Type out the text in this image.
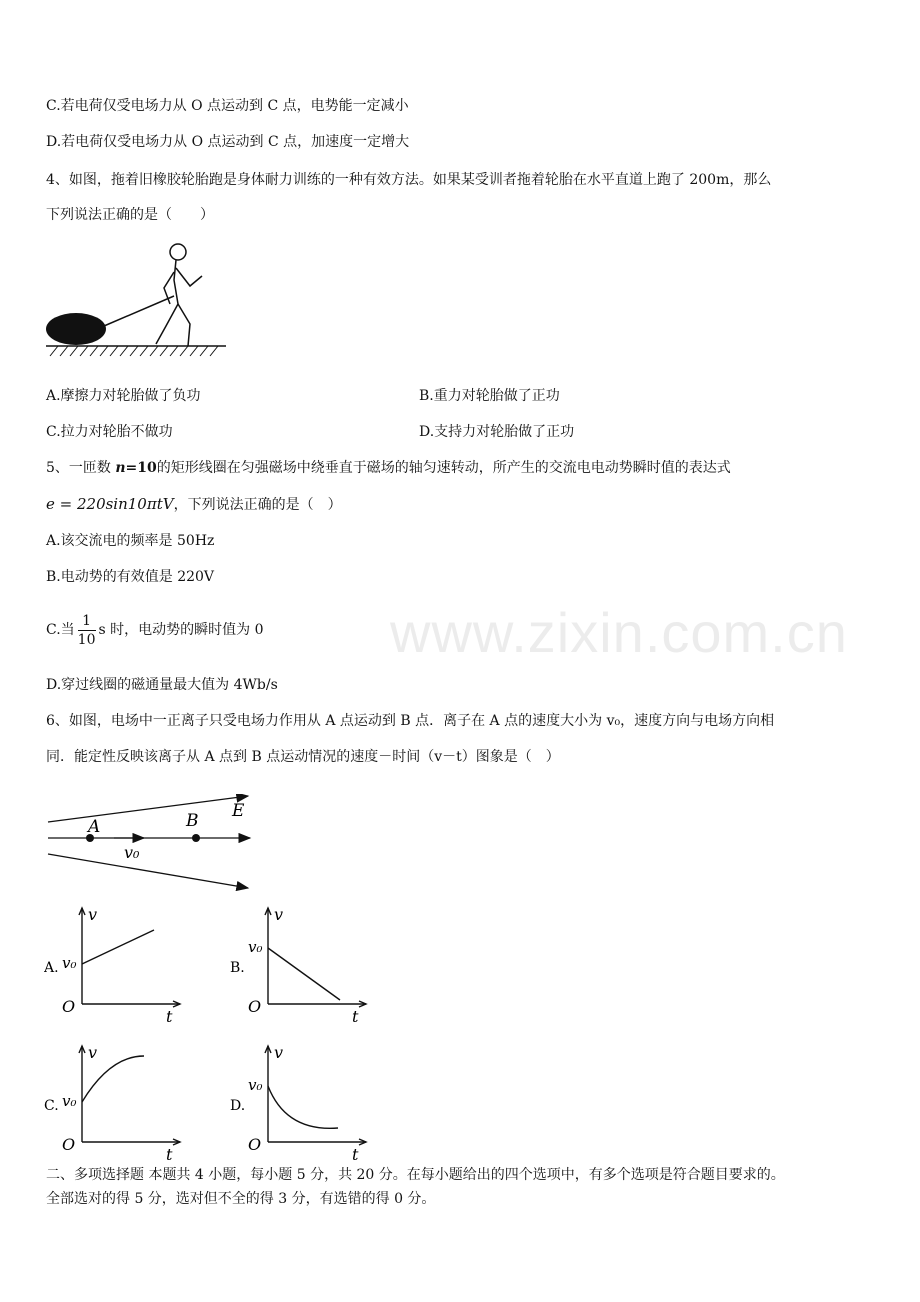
www.zixin.com.cn
C.若电荷仅受电场力从 O 点运动到 C 点，电势能一定减小
D.若电荷仅受电场力从 O 点运动到 C 点，加速度一定增大
4、如图，拖着旧橡胶轮胎跑是身体耐力训练的一种有效方法。如果某受训者拖着轮胎在水平直道上跑了 200m，那么
下列说法正确的是（　　）
A.摩擦力对轮胎做了负功	B.重力对轮胎做了正功
C.拉力对轮胎不做功	D.支持力对轮胎做了正功
5、一匝数 n=10的矩形线圈在匀强磁场中绕垂直于磁场的轴匀速转动，所产生的交流电电动势瞬时值的表达式
e = 220sin10πtV，下列说法正确的是（　）
A.该交流电的频率是 50Hz
B.电动势的有效值是 220V
C.当 $\frac{1}{10}$ s 时，电动势的瞬时值为 0
D.穿过线圈的磁通量最大值为 4Wb/s
6、如图，电场中一正离子只受电场力作用从 A 点运动到 B 点．离子在 A 点的速度大小为 v₀，速度方向与电场方向相
同．能定性反映该离子从 A 点到 B 点运动情况的速度－时间（v－t）图象是（　）
A	B E
v₀
v
t
O
v₀
A.
v
t
O
v₀
B.
v
t
O
v₀
C.
v
t
O
v₀
D.
二、多项选择题 本题共 4 小题，每小题 5 分，共 20 分。在每小题给出的四个选项中，有多个选项是符合题目要求的。
全部选对的得 5 分，选对但不全的得 3 分，有选错的得 0 分。
